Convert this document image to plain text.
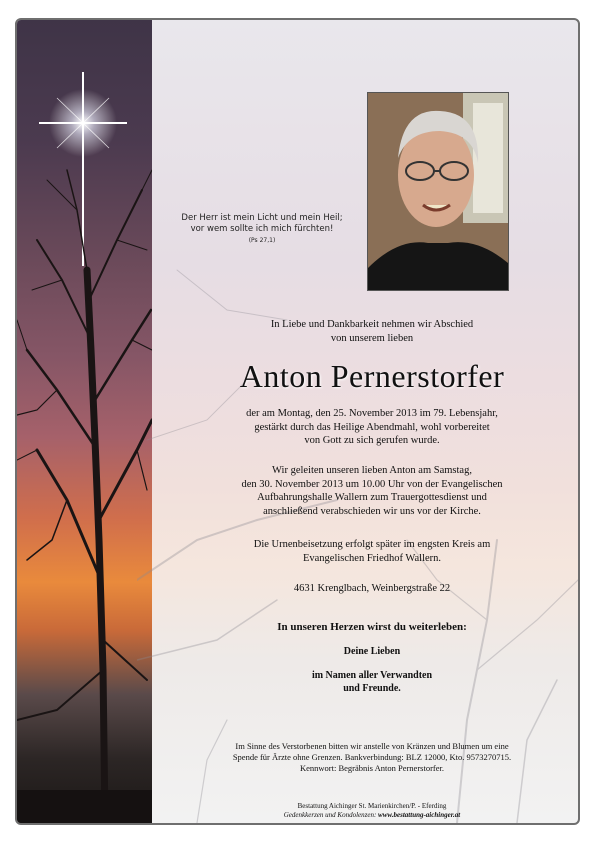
Der Herr ist mein Licht und mein Heil;
vor wem sollte ich mich fürchten!
(Ps 27,1)
In Liebe und Dankbarkeit nehmen wir Abschied
von unserem lieben
Anton Pernerstorfer
der am Montag, den 25. November 2013 im 79. Lebensjahr,
gestärkt durch das Heilige Abendmahl, wohl vorbereitet
von Gott zu sich gerufen wurde.
Wir geleiten unseren lieben Anton am Samstag,
den 30. November 2013 um 10.00 Uhr von der Evangelischen
Aufbahrungshalle Wallern zum Trauergottesdienst und
anschließend verabschieden wir uns vor der Kirche.
Die Urnenbeisetzung erfolgt später im engsten Kreis am
Evangelischen Friedhof Wallern.
4631 Krenglbach, Weinbergstraße 22
In unseren Herzen wirst du weiterleben:
Deine Lieben
im Namen aller Verwandten
und Freunde.
Im Sinne des Verstorbenen bitten wir anstelle von Kränzen und Blumen um eine
Spende für Ärzte ohne Grenzen. Bankverbindung: BLZ 12000, Kto. 9573270715.
Kennwort: Begräbnis Anton Pernerstorfer.
Bestattung Aichinger St. Marienkirchen/P. - Eferding
Gedenkkerzen und Kondolenzen: www.bestattung-aichinger.at
